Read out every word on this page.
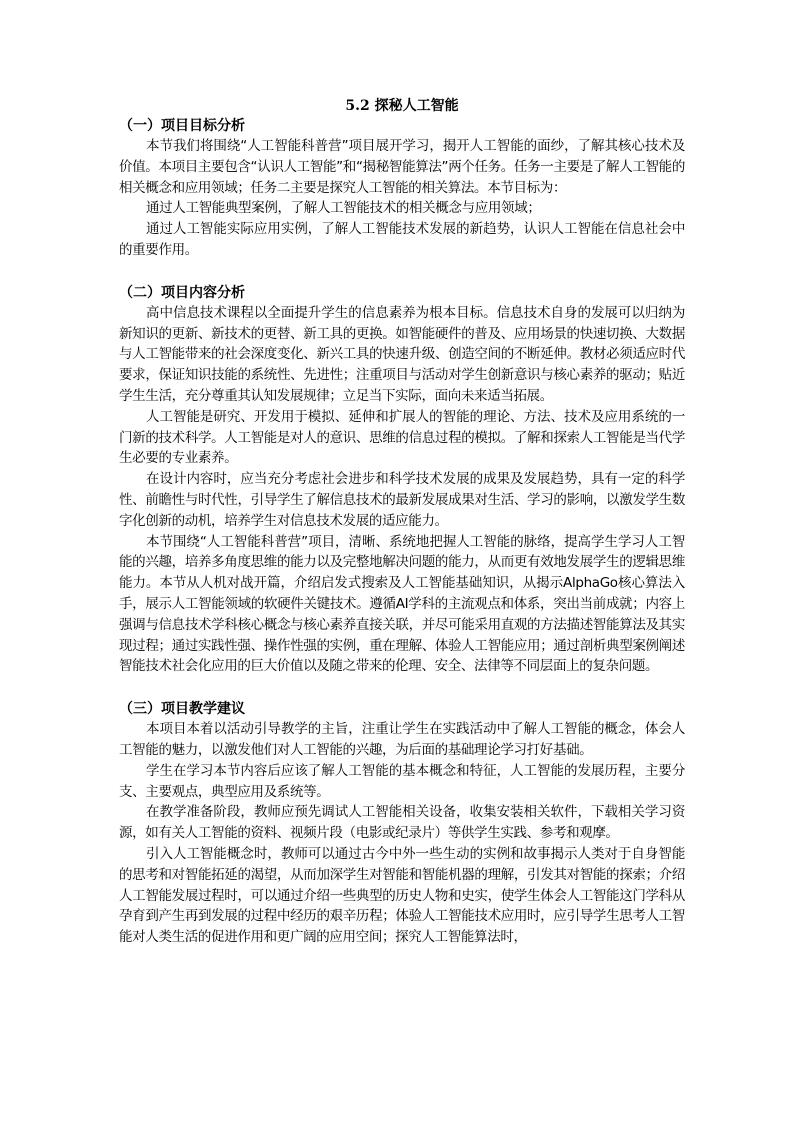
5.2 探秘人工智能
（一）项目目标分析

本节我们将围绕“人工智能科普营”项目展开学习，揭开人工智能的面纱，了解其核心技术及价值。本项目主要包含“认识人工智能”和“揭秘智能算法”两个任务。任务一主要是了解人工智能的相关概念和应用领域；任务二主要是探究人工智能的相关算法。本节目标为：

通过人工智能典型案例，了解人工智能技术的相关概念与应用领域；

通过人工智能实际应用实例，了解人工智能技术发展的新趋势，认识人工智能在信息社会中的重要作用。

（二）项目内容分析

高中信息技术课程以全面提升学生的信息素养为根本目标。信息技术自身的发展可以归纳为新知识的更新、新技术的更替、新工具的更换。如智能硬件的普及、应用场景的快速切换、大数据与人工智能带来的社会深度变化、新兴工具的快速升级、创造空间的不断延伸。教材必须适应时代要求，保证知识技能的系统性、先进性；注重项目与活动对学生创新意识与核心素养的驱动；贴近学生生活，充分尊重其认知发展规律；立足当下实际，面向未来适当拓展。

人工智能是研究、开发用于模拟、延伸和扩展人的智能的理论、方法、技术及应用系统的一门新的技术科学。人工智能是对人的意识、思维的信息过程的模拟。了解和探索人工智能是当代学生必要的专业素养。

在设计内容时，应当充分考虑社会进步和科学技术发展的成果及发展趋势，具有一定的科学性、前瞻性与时代性，引导学生了解信息技术的最新发展成果对生活、学习的影响，以激发学生数字化创新的动机，培养学生对信息技术发展的适应能力。

本节围绕“人工智能科普营”项目，清晰、系统地把握人工智能的脉络，提高学生学习人工智能的兴趣，培养多角度思维的能力以及完整地解决问题的能力，从而更有效地发展学生的逻辑思维能力。本节从人机对战开篇，介绍启发式搜索及人工智能基础知识，从揭示AlphaGo核心算法入手，展示人工智能领域的软硬件关键技术。遵循AI学科的主流观点和体系，突出当前成就；内容上强调与信息技术学科核心概念与核心素养直接关联，并尽可能采用直观的方法描述智能算法及其实现过程；通过实践性强、操作性强的实例，重在理解、体验人工智能应用；通过剖析典型案例阐述智能技术社会化应用的巨大价值以及随之带来的伦理、安全、法律等不同层面上的复杂问题。

（三）项目教学建议

本项目本着以活动引导教学的主旨，注重让学生在实践活动中了解人工智能的概念，体会人工智能的魅力，以激发他们对人工智能的兴趣，为后面的基础理论学习打好基础。

学生在学习本节内容后应该了解人工智能的基本概念和特征，人工智能的发展历程，主要分支、主要观点，典型应用及系统等。

在教学准备阶段，教师应预先调试人工智能相关设备，收集安装相关软件，下载相关学习资源，如有关人工智能的资料、视频片段（电影或纪录片）等供学生实践、参考和观摩。

引入人工智能概念时，教师可以通过古今中外一些生动的实例和故事揭示人类对于自身智能的思考和对智能拓延的渴望，从而加深学生对智能和智能机器的理解，引发其对智能的探索；介绍人工智能发展过程时，可以通过介绍一些典型的历史人物和史实，使学生体会人工智能这门学科从孕育到产生再到发展的过程中经历的艰辛历程；体验人工智能技术应用时，应引导学生思考人工智能对人类生活的促进作用和更广阔的应用空间；探究人工智能算法时，
